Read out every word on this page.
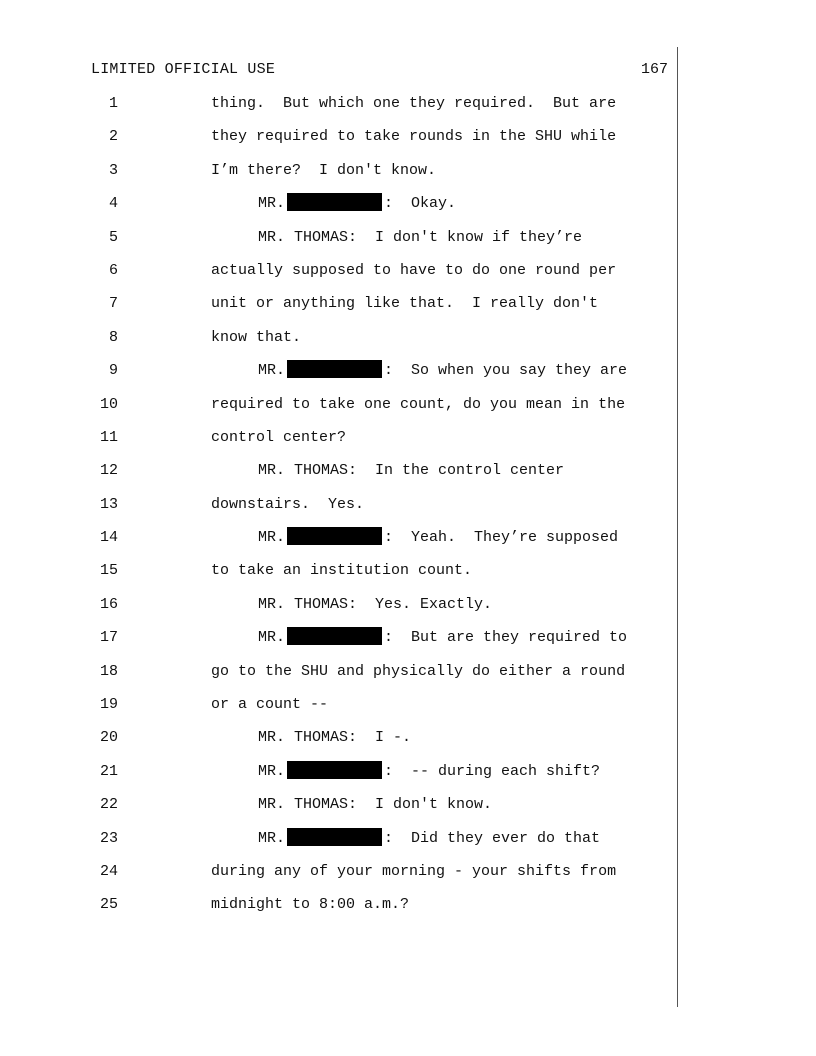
LIMITED OFFICIAL USE	167
1	thing.  But which one they required.  But are
2	they required to take rounds in the SHU while
3	I’m there?  I don't know.
4	MR.	:  Okay.
5	MR. THOMAS:  I don't know if they’re
6	actually supposed to have to do one round per
7	unit or anything like that.  I really don't
8	know that.
9	MR.	:  So when you say they are
10	required to take one count, do you mean in the
11	control center?
12	MR. THOMAS:  In the control center
13	downstairs.  Yes.
14	MR.	:  Yeah.  They’re supposed
15	to take an institution count.
16	MR. THOMAS:  Yes. Exactly.
17	MR.	:  But are they required to
18	go to the SHU and physically do either a round
19	or a count --
20	MR. THOMAS:  I -.
21	MR.	:  -- during each shift?
22	MR. THOMAS:  I don't know.
23	MR.	:  Did they ever do that
24	during any of your morning - your shifts from
25	midnight to 8:00 a.m.?
